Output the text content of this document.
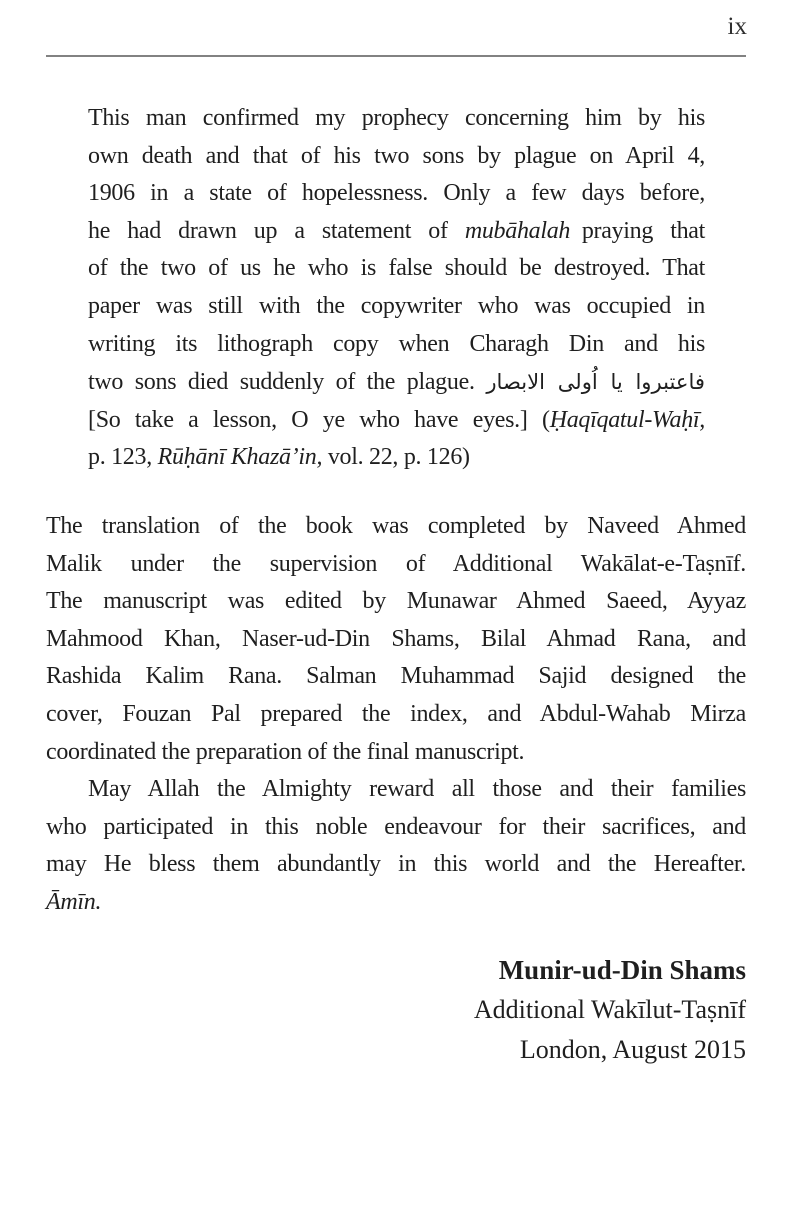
ix
This man confirmed my prophecy concerning him by his
own death and that of his two sons by plague on April 4,
1906 in a state of hopelessness. Only a few days before,
he had drawn up a statement of mubāhalah praying that
of the two of us he who is false should be destroyed. That
paper was still with the copywriter who was occupied in
writing its lithograph copy when Charagh Din and his
two sons died suddenly of the plague. فاعتبروا يا اُولى الابصار
[So take a lesson, O ye who have eyes.] (Ḥaqīqatul-Waḥī,
p. 123, Rūḥānī Khazā’in, vol. 22, p. 126)
The translation of the book was completed by Naveed Ahmed
Malik under the supervision of Additional Wakālat-e-Taṣnīf.
The manuscript was edited by Munawar Ahmed Saeed, Ayyaz
Mahmood Khan, Naser-ud-Din Shams, Bilal Ahmad Rana, and
Rashida Kalim Rana. Salman Muhammad Sajid designed the
cover, Fouzan Pal prepared the index, and Abdul-Wahab Mirza
coordinated the preparation of the final manuscript.
May Allah the Almighty reward all those and their families
who participated in this noble endeavour for their sacrifices, and
may He bless them abundantly in this world and the Hereafter.
Āmīn.
Munir-ud-Din Shams
Additional Wakīlut-Taṣnīf
London, August 2015
